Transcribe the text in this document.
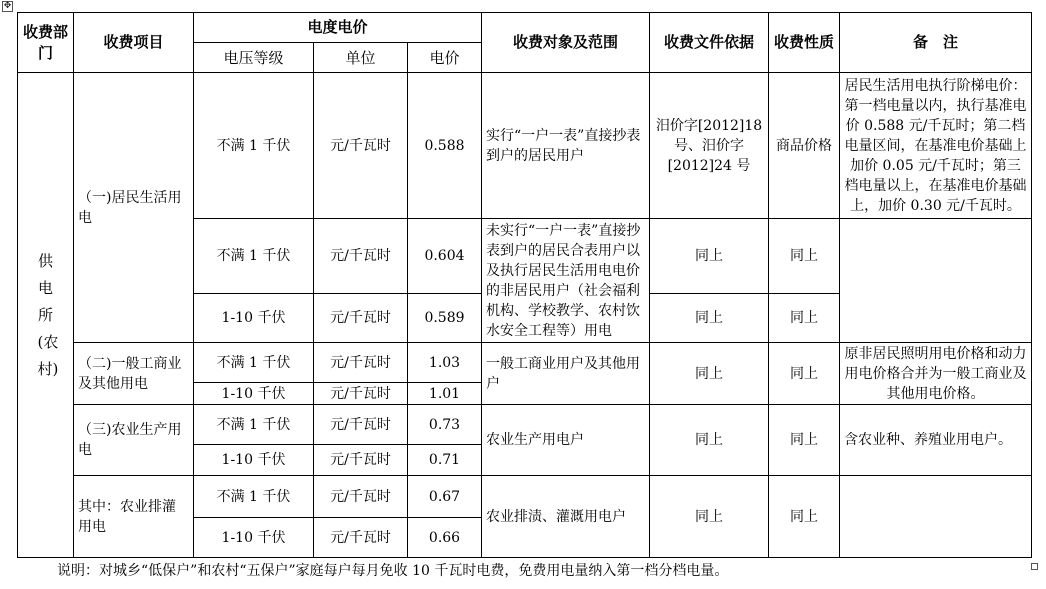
✥
收费部门	收费项目	电度电价			收费对象及范围	收费文件依据	收费性质	备　注
		电压等级	单位	电价				
供电所(农村)	（一)居民生活用电	不满 1 千伏	元/千瓦时	0.588	实行“一户一表”直接抄表到户的居民用户	汨价字[2012]18 号、汨价字[2012]24 号	商品价格	居民生活用电执行阶梯电价：第一档电量以内，执行基准电价 0.588 元/千瓦时；第二档电量区间，在基准电价基础上加价 0.05 元/千瓦时；第三档电量以上，在基准电价基础上，加价 0.30 元/千瓦时。
		不满 1 千伏	元/千瓦时	0.604	未实行“一户一表”直接抄表到户的居民合表用户以及执行居民生活用电电价的非居民用户（社会福利机构、学校教学、农村饮水安全工程等）用电	同上	同上	
		1-10 千伏	元/千瓦时	0.589		同上	同上	
	（二)一般工商业及其他用电	不满 1 千伏	元/千瓦时	1.03	一般工商业用户及其他用户	同上	同上	原非居民照明用电价格和动力用电价格合并为一般工商业及其他用电价格。
		1-10 千伏	元/千瓦时	1.01				
	（三)农业生产用电	不满 1 千伏	元/千瓦时	0.73	农业生产用电户	同上	同上	含农业种、养殖业用电户。
		1-10 千伏	元/千瓦时	0.71				
	其中：农业排灌用电	不满 1 千伏	元/千瓦时	0.67	农业排渍、灌溉用电户	同上	同上	
		1-10 千伏	元/千瓦时	0.66				
说明：对城乡“低保户”和农村“五保户”家庭每户每月免收 10 千瓦时电费，免费用电量纳入第一档分档电量。
